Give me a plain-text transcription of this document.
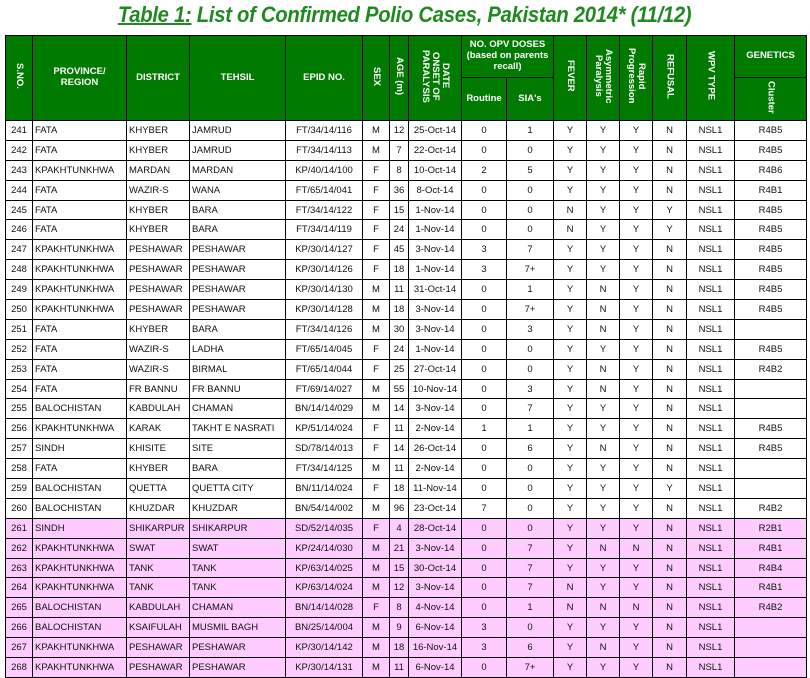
Table 1: List of Confirmed Polio Cases, Pakistan 2014* (11/12)
S.NO.	PROVINCE/ REGION	DISTRICT	TEHSIL	EPID NO.	SEX	AGE (m)	DATE ONSET OF PARALYSIS	NO. OPV DOSES (based on parents recall)		FEVER	Asymmetric Paralysis	Rapid Progression	REFUSAL	WPV TYPE	GENETICS
								Routine	SIA's						Cluster
241	FATA	KHYBER	JAMRUD	FT/34/14/116	M	12	25-Oct-14	0	1	Y	Y	Y	N	NSL1	R4B5
242	FATA	KHYBER	JAMRUD	FT/34/14/113	M	7	22-Oct-14	0	0	Y	Y	Y	N	NSL1	R4B5
243	KPAKHTUNKHWA	MARDAN	MARDAN	KP/40/14/100	F	8	10-Oct-14	2	5	Y	Y	Y	N	NSL1	R4B6
244	FATA	WAZIR-S	WANA	FT/65/14/041	F	36	8-Oct-14	0	0	Y	Y	Y	N	NSL1	R4B1
245	FATA	KHYBER	BARA	FT/34/14/122	F	15	1-Nov-14	0	0	N	Y	Y	Y	NSL1	R4B5
246	FATA	KHYBER	BARA	FT/34/14/119	F	24	1-Nov-14	0	0	N	Y	Y	Y	NSL1	R4B5
247	KPAKHTUNKHWA	PESHAWAR	PESHAWAR	KP/30/14/127	F	45	3-Nov-14	3	7	Y	Y	Y	N	NSL1	R4B5
248	KPAKHTUNKHWA	PESHAWAR	PESHAWAR	KP/30/14/126	F	18	1-Nov-14	3	7+	Y	Y	Y	N	NSL1	R4B5
249	KPAKHTUNKHWA	PESHAWAR	PESHAWAR	KP/30/14/130	M	11	31-Oct-14	0	1	Y	N	Y	N	NSL1	R4B5
250	KPAKHTUNKHWA	PESHAWAR	PESHAWAR	KP/30/14/128	M	18	3-Nov-14	0	7+	Y	N	Y	N	NSL1	R4B5
251	FATA	KHYBER	BARA	FT/34/14/126	M	30	3-Nov-14	0	3	Y	N	Y	N	NSL1	
252	FATA	WAZIR-S	LADHA	FT/65/14/045	F	24	1-Nov-14	0	0	Y	Y	Y	N	NSL1	R4B5
253	FATA	WAZIR-S	BIRMAL	FT/65/14/044	F	25	27-Oct-14	0	0	Y	N	Y	N	NSL1	R4B2
254	FATA	FR BANNU	FR BANNU	FT/69/14/027	M	55	10-Nov-14	0	3	Y	N	Y	N	NSL1	
255	BALOCHISTAN	KABDULAH	CHAMAN	BN/14/14/029	M	14	3-Nov-14	0	7	Y	Y	Y	N	NSL1	
256	KPAKHTUNKHWA	KARAK	TAKHT E NASRATI	KP/51/14/024	F	11	2-Nov-14	1	1	Y	Y	Y	N	NSL1	R4B5
257	SINDH	KHISITE	SITE	SD/78/14/013	F	14	26-Oct-14	0	6	Y	N	Y	N	NSL1	R4B5
258	FATA	KHYBER	BARA	FT/34/14/125	M	11	2-Nov-14	0	0	Y	Y	Y	N	NSL1	
259	BALOCHISTAN	QUETTA	QUETTA CITY	BN/11/14/024	F	18	11-Nov-14	0	0	Y	Y	Y	Y	NSL1	
260	BALOCHISTAN	KHUZDAR	KHUZDAR	BN/54/14/002	M	96	23-Oct-14	7	0	Y	Y	Y	N	NSL1	R4B2
261	SINDH	SHIKARPUR	SHIKARPUR	SD/52/14/035	F	4	28-Oct-14	0	0	Y	Y	Y	N	NSL1	R2B1
262	KPAKHTUNKHWA	SWAT	SWAT	KP/24/14/030	M	21	3-Nov-14	0	7	Y	N	N	N	NSL1	R4B1
263	KPAKHTUNKHWA	TANK	TANK	KP/63/14/025	M	15	30-Oct-14	0	7	Y	Y	Y	N	NSL1	R4B4
264	KPAKHTUNKHWA	TANK	TANK	KP/63/14/024	M	12	3-Nov-14	0	7	N	Y	Y	N	NSL1	R4B1
265	BALOCHISTAN	KABDULAH	CHAMAN	BN/14/14/028	F	8	4-Nov-14	0	1	N	N	N	N	NSL1	R4B2
266	BALOCHISTAN	KSAIFULAH	MUSMIL BAGH	BN/25/14/004	M	9	6-Nov-14	3	0	Y	Y	Y	N	NSL1	
267	KPAKHTUNKHWA	PESHAWAR	PESHAWAR	KP/30/14/142	M	18	16-Nov-14	3	6	Y	N	Y	N	NSL1	
268	KPAKHTUNKHWA	PESHAWAR	PESHAWAR	KP/30/14/131	M	11	6-Nov-14	0	7+	Y	Y	Y	N	NSL1	
